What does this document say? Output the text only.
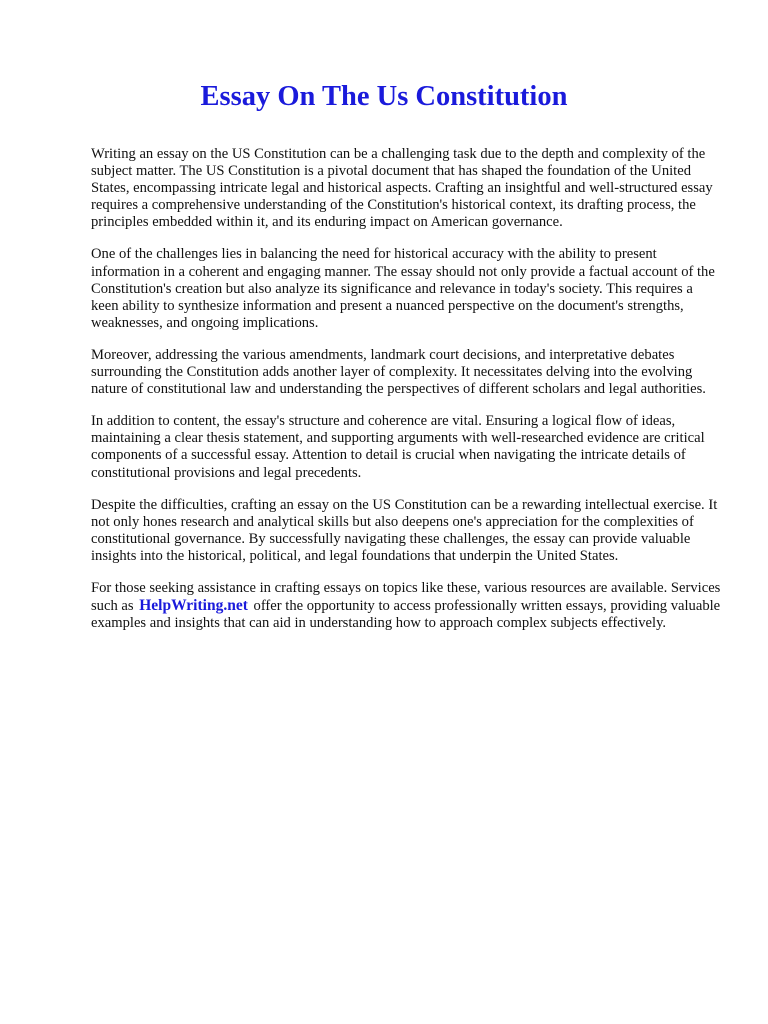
Essay On The Us Constitution

Writing an essay on the US Constitution can be a challenging task due to the depth and complexity of the subject matter. The US Constitution is a pivotal document that has shaped the foundation of the United States, encompassing intricate legal and historical aspects. Crafting an insightful and well-structured essay requires a comprehensive understanding of the Constitution's historical context, its drafting process, the principles embedded within it, and its enduring impact on American governance.

One of the challenges lies in balancing the need for historical accuracy with the ability to present information in a coherent and engaging manner. The essay should not only provide a factual account of the Constitution's creation but also analyze its significance and relevance in today's society. This requires a keen ability to synthesize information and present a nuanced perspective on the document's strengths, weaknesses, and ongoing implications.

Moreover, addressing the various amendments, landmark court decisions, and interpretative debates surrounding the Constitution adds another layer of complexity. It necessitates delving into the evolving nature of constitutional law and understanding the perspectives of different scholars and legal authorities.

In addition to content, the essay's structure and coherence are vital. Ensuring a logical flow of ideas, maintaining a clear thesis statement, and supporting arguments with well-researched evidence are critical components of a successful essay. Attention to detail is crucial when navigating the intricate details of constitutional provisions and legal precedents.

Despite the difficulties, crafting an essay on the US Constitution can be a rewarding intellectual exercise. It not only hones research and analytical skills but also deepens one's appreciation for the complexities of constitutional governance. By successfully navigating these challenges, the essay can provide valuable insights into the historical, political, and legal foundations that underpin the United States.

For those seeking assistance in crafting essays on topics like these, various resources are available. Services such as HelpWriting.net offer the opportunity to access professionally written essays, providing valuable examples and insights that can aid in understanding how to approach complex subjects effectively.
